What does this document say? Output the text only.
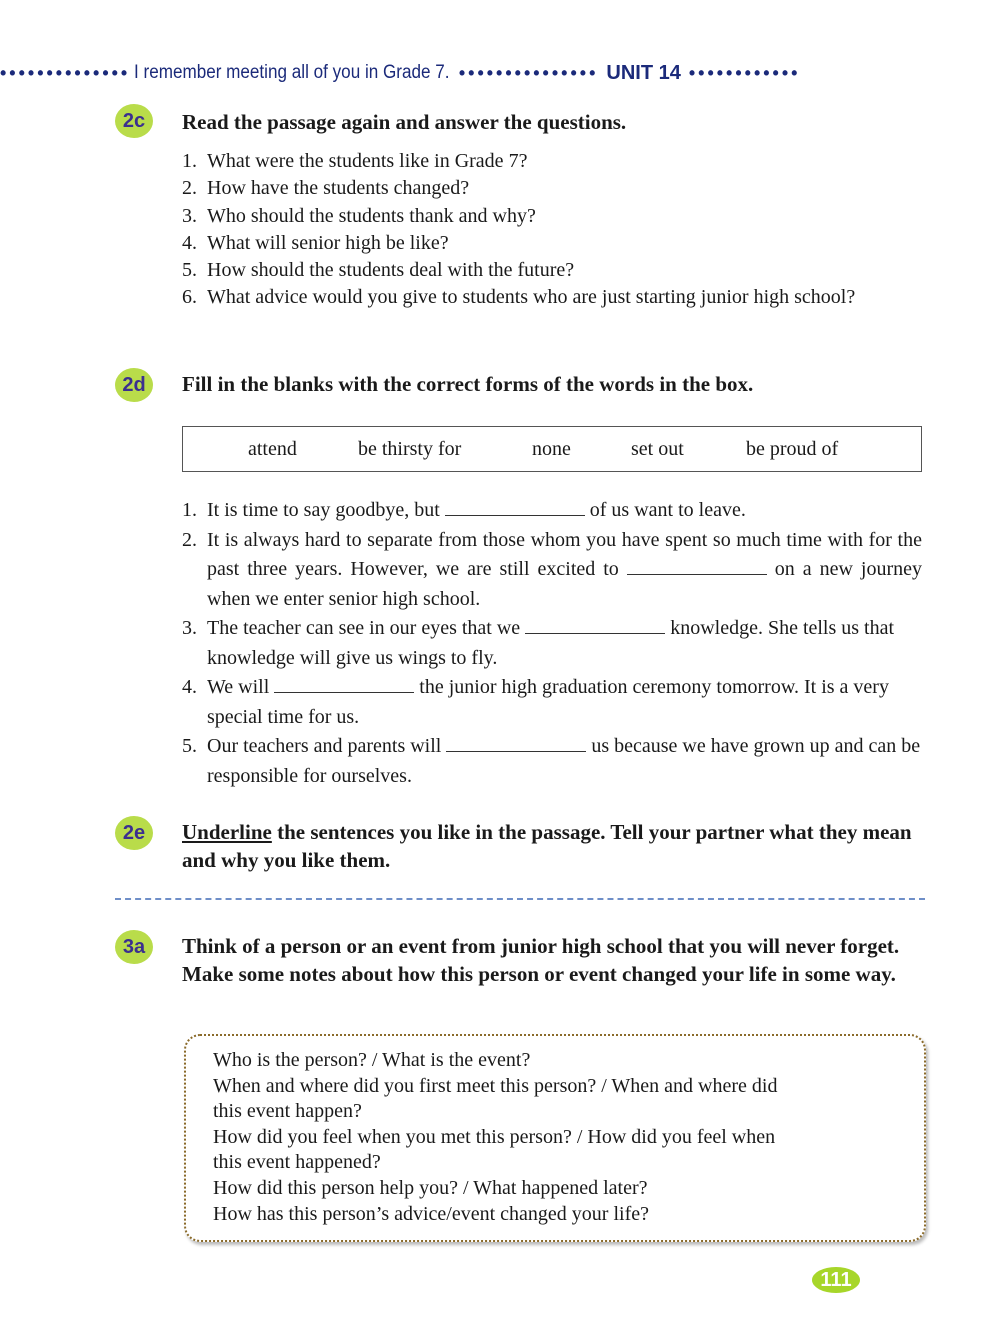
•••••••••••••• I remember meeting all of you in Grade 7. ••••••••••••••• UNIT 14 ••••••••••••
2c	Read the passage again and answer the questions.
1. What were the students like in Grade 7?
2. How have the students changed?
3. Who should the students thank and why?
4. What will senior high be like?
5. How should the students deal with the future?
6. What advice would you give to students who are just starting junior high school?
2d	Fill in the blanks with the correct forms of the words in the box.
attend	be thirsty for	none	set out	be proud of
1. It is time to say goodbye, but	of us want to leave.
2. It is always hard to separate from those whom you have spent so much time with for the past three years. However, we are still excited to	on a new journey when we enter senior high school.
3. The teacher can see in our eyes that we	knowledge. She tells us that knowledge will give us wings to fly.
4. We will	the junior high graduation ceremony tomorrow. It is a very special time for us.
5. Our teachers and parents will	us because we have grown up and can be responsible for ourselves.
2e	Underline the sentences you like in the passage. Tell your partner what they mean and why you like them.
3a	Think of a person or an event from junior high school that you will never forget. Make some notes about how this person or event changed your life in some way.
Who is the person? / What is the event?
When and where did you first meet this person? / When and where did
this event happen?
How did you feel when you met this person? / How did you feel when
this event happened?
How did this person help you? / What happened later?
How has this person’s advice/event changed your life?
111
